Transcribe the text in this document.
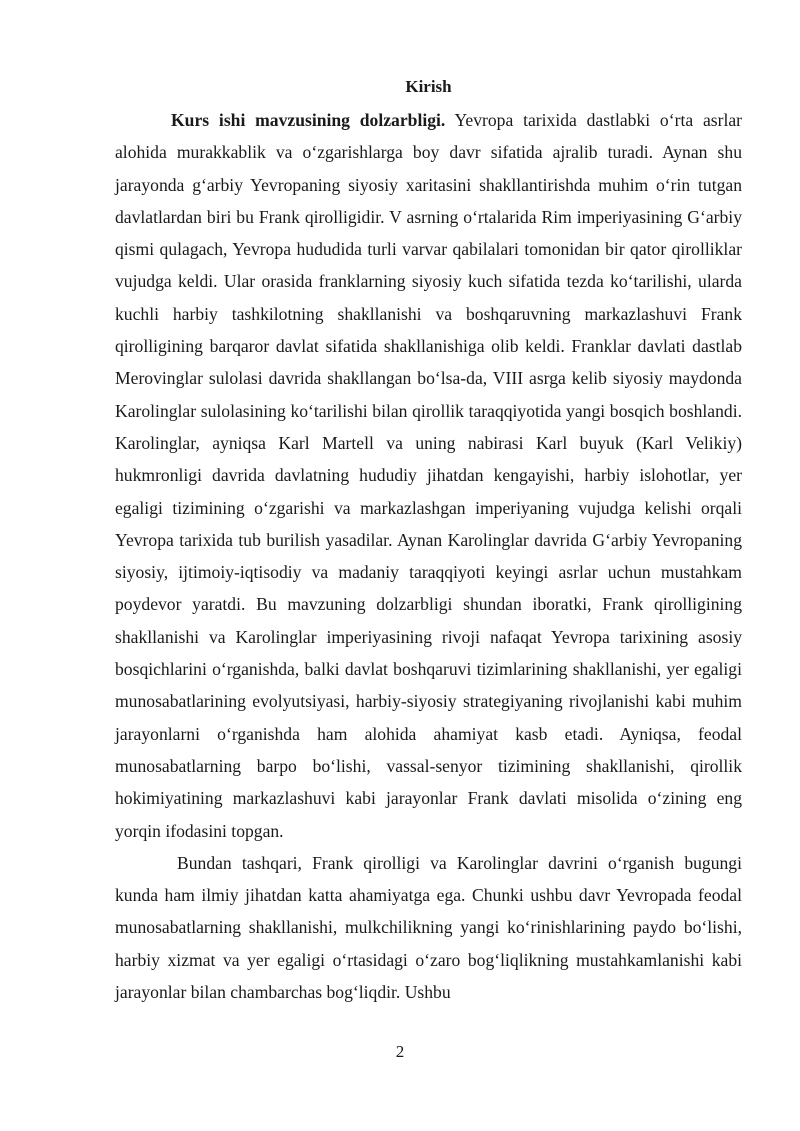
Kirish

Kurs ishi mavzusining dolzarbligi. Yevropa tarixida dastlabki o‘rta asrlar alohida murakkablik va o‘zgarishlarga boy davr sifatida ajralib turadi. Aynan shu jarayonda g‘arbiy Yevropaning siyosiy xaritasini shakllantirishda muhim o‘rin tutgan davlatlardan biri bu Frank qirolligidir. V asrning o‘rtalarida Rim imperiyasining G‘arbiy qismi qulagach, Yevropa hududida turli varvar qabilalari tomonidan bir qator qirolliklar vujudga keldi. Ular orasida franklarning siyosiy kuch sifatida tezda ko‘tarilishi, ularda kuchli harbiy tashkilotning shakllanishi va boshqaruvning markazlashuvi Frank qirolligining barqaror davlat sifatida shakllanishiga olib keldi. Franklar davlati dastlab Merovinglar sulolasi davrida shakllangan bo‘lsa-da, VIII asrga kelib siyosiy maydonda Karolinglar sulolasining ko‘tarilishi bilan qirollik taraqqiyotida yangi bosqich boshlandi. Karolinglar, ayniqsa Karl Martell va uning nabirasi Karl buyuk (Karl Velikiy) hukmronligi davrida davlatning hududiy jihatdan kengayishi, harbiy islohotlar, yer egaligi tizimining o‘zgarishi va markazlashgan imperiyaning vujudga kelishi orqali Yevropa tarixida tub burilish yasadilar. Aynan Karolinglar davrida G‘arbiy Yevropaning siyosiy, ijtimoiy-iqtisodiy va madaniy taraqqiyoti keyingi asrlar uchun mustahkam poydevor yaratdi. Bu mavzuning dolzarbligi shundan iboratki, Frank qirolligining shakllanishi va Karolinglar imperiyasining rivoji nafaqat Yevropa tarixining asosiy bosqichlarini o‘rganishda, balki davlat boshqaruvi tizimlarining shakllanishi, yer egaligi munosabatlarining evolyutsiyasi, harbiy-siyosiy strategiyaning rivojlanishi kabi muhim jarayonlarni o‘rganishda ham alohida ahamiyat kasb etadi. Ayniqsa, feodal munosabatlarning barpo bo‘lishi, vassal-senyor tizimining shakllanishi, qirollik hokimiyatining markazlashuvi kabi jarayonlar Frank davlati misolida o‘zining eng yorqin ifodasini topgan.

Bundan tashqari, Frank qirolligi va Karolinglar davrini o‘rganish bugungi kunda ham ilmiy jihatdan katta ahamiyatga ega. Chunki ushbu davr Yevropada feodal munosabatlarning shakllanishi, mulkchilikning yangi ko‘rinishlarining paydo bo‘lishi, harbiy xizmat va yer egaligi o‘rtasidagi o‘zaro bog‘liqlikning mustahkamlanishi kabi jarayonlar bilan chambarchas bog‘liqdir. Ushbu

2
